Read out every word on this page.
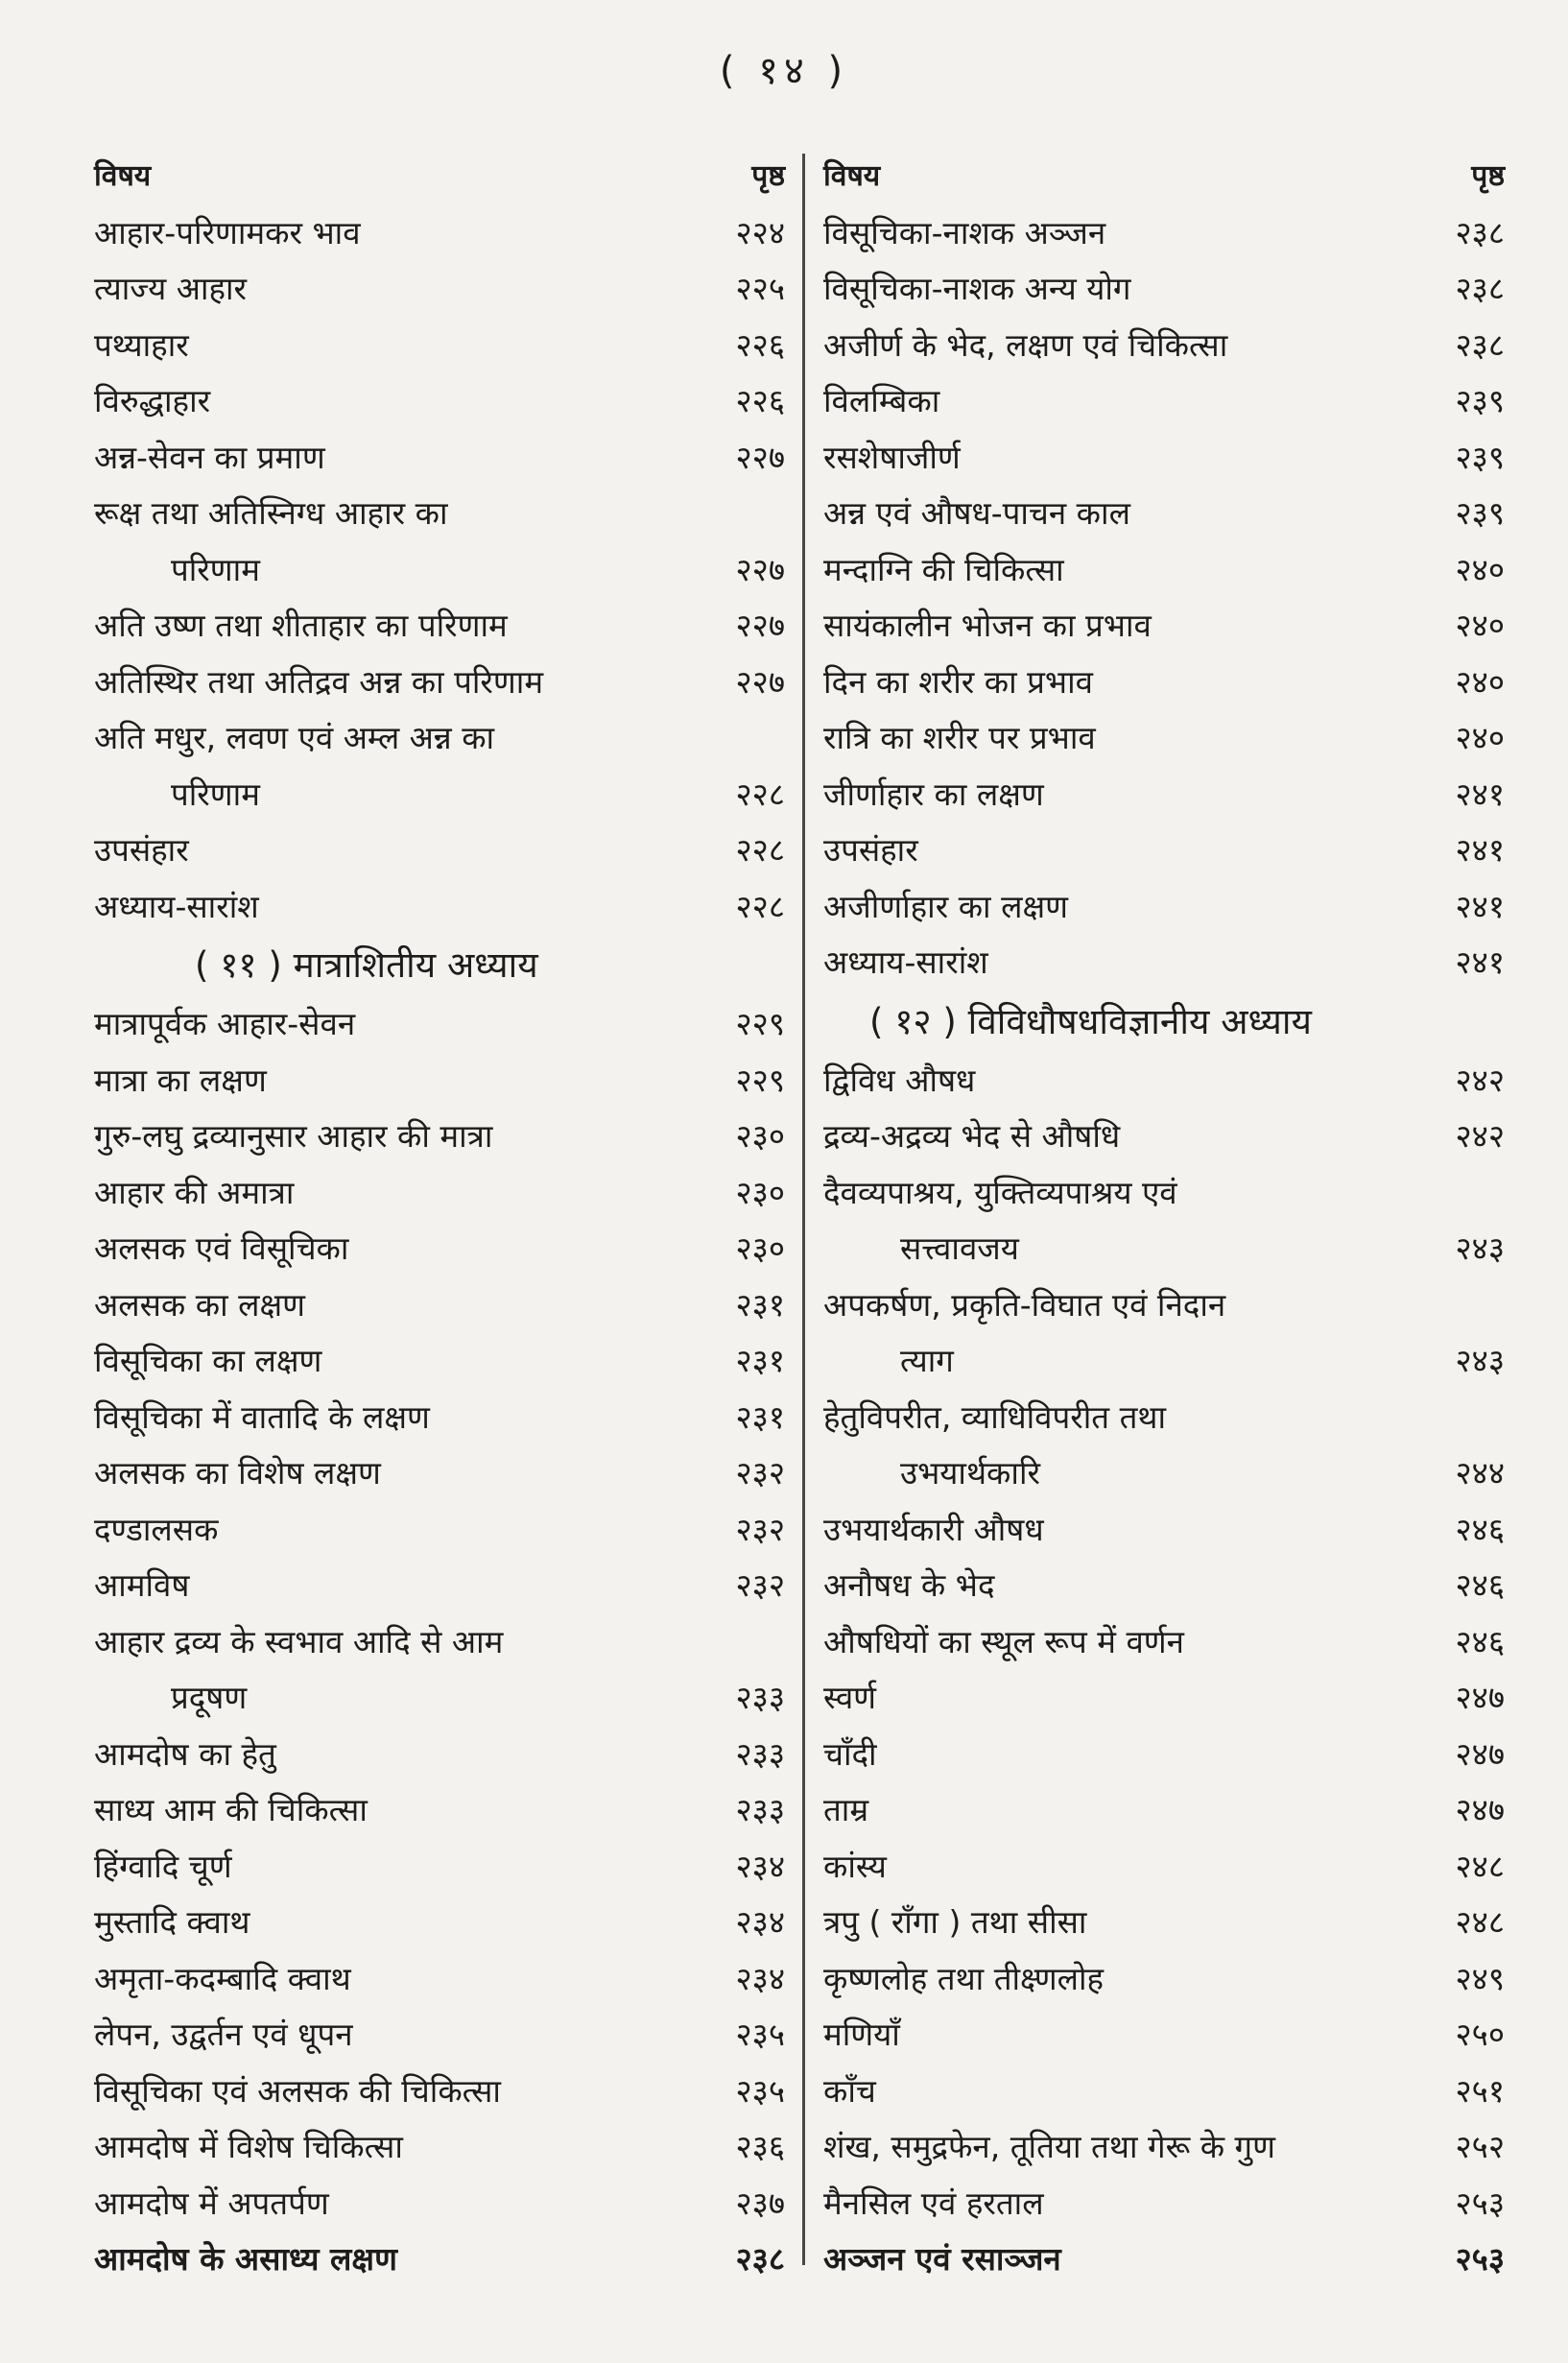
( १४ )
विषय	पृष्ठ
आहार-परिणामकर भाव	२२४
त्याज्य आहार	२२५
पथ्याहार	२२६
विरुद्धाहार	२२६
अन्न-सेवन का प्रमाण	२२७
रूक्ष तथा अतिस्निग्ध आहार का
परिणाम	२२७
अति उष्ण तथा शीताहार का परिणाम	२२७
अतिस्थिर तथा अतिद्रव अन्न का परिणाम	२२७
अति मधुर, लवण एवं अम्ल अन्न का
परिणाम	२२८
उपसंहार	२२८
अध्याय-सारांश	२२८
( ११ ) मात्राशितीय अध्याय
मात्रापूर्वक आहार-सेवन	२२९
मात्रा का लक्षण	२२९
गुरु-लघु द्रव्यानुसार आहार की मात्रा	२३०
आहार की अमात्रा	२३०
अलसक एवं विसूचिका	२३०
अलसक का लक्षण	२३१
विसूचिका का लक्षण	२३१
विसूचिका में वातादि के लक्षण	२३१
अलसक का विशेष लक्षण	२३२
दण्डालसक	२३२
आमविष	२३२
आहार द्रव्य के स्वभाव आदि से आम
प्रदूषण	२३३
आमदोष का हेतु	२३३
साध्य आम की चिकित्सा	२३३
हिंग्वादि चूर्ण	२३४
मुस्तादि क्वाथ	२३४
अमृता-कदम्बादि क्वाथ	२३४
लेपन, उद्वर्तन एवं धूपन	२३५
विसूचिका एवं अलसक की चिकित्सा	२३५
आमदोष में विशेष चिकित्सा	२३६
आमदोष में अपतर्पण	२३७
आमदोष के असाध्य लक्षण	२३८
विषय	पृष्ठ
विसूचिका-नाशक अञ्जन	२३८
विसूचिका-नाशक अन्य योग	२३८
अजीर्ण के भेद, लक्षण एवं चिकित्सा	२३८
विलम्बिका	२३९
रसशेषाजीर्ण	२३९
अन्न एवं औषध-पाचन काल	२३९
मन्दाग्नि की चिकित्सा	२४०
सायंकालीन भोजन का प्रभाव	२४०
दिन का शरीर का प्रभाव	२४०
रात्रि का शरीर पर प्रभाव	२४०
जीर्णाहार का लक्षण	२४१
उपसंहार	२४१
अजीर्णाहार का लक्षण	२४१
अध्याय-सारांश	२४१
( १२ ) विविधौषधविज्ञानीय अध्याय
द्विविध औषध	२४२
द्रव्य-अद्रव्य भेद से औषधि	२४२
दैवव्यपाश्रय, युक्तिव्यपाश्रय एवं
सत्त्वावजय	२४३
अपकर्षण, प्रकृति-विघात एवं निदान
त्याग	२४३
हेतुविपरीत, व्याधिविपरीत तथा
उभयार्थकारि	२४४
उभयार्थकारी औषध	२४६
अनौषध के भेद	२४६
औषधियों का स्थूल रूप में वर्णन	२४६
स्वर्ण	२४७
चाँदी	२४७
ताम्र	२४७
कांस्य	२४८
त्रपु ( राँगा ) तथा सीसा	२४८
कृष्णलोह तथा तीक्ष्णलोह	२४९
मणियाँ	२५०
काँच	२५१
शंख, समुद्रफेन, तूतिया तथा गेरू के गुण	२५२
मैनसिल एवं हरताल	२५३
अञ्जन एवं रसाञ्जन	२५३
